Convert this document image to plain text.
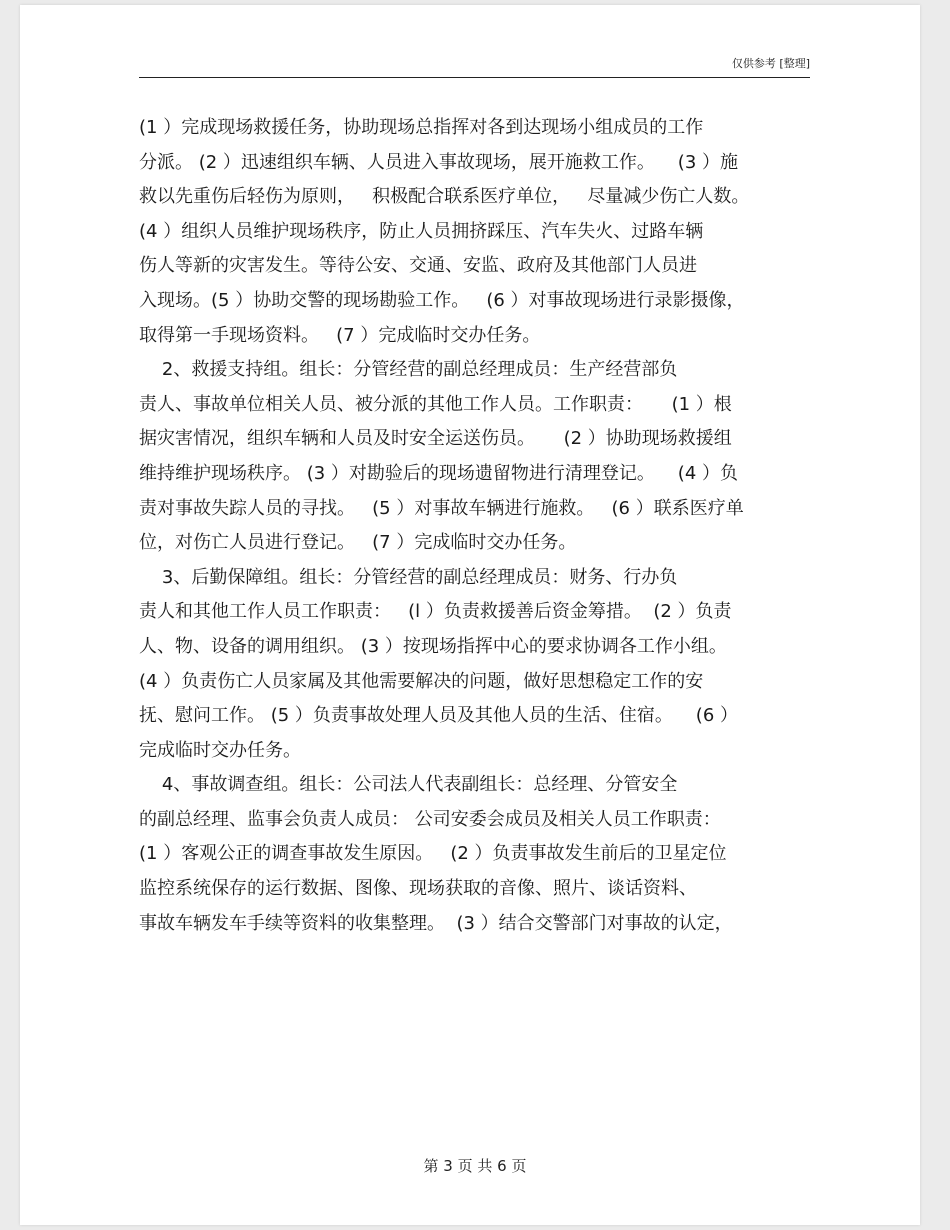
仅供参考 [整理]
(1 ）完成现场救援任务，协助现场总指挥对各到达现场小组成员的工作
分派。 (2 ）迅速组织车辆、人员进入事故现场，展开施救工作。    (3 ）施
救以先重伤后轻伤为原则，   积极配合联系医疗单位，   尽量减少伤亡人数。
(4 ）组织人员维护现场秩序，防止人员拥挤踩压、汽车失火、过路车辆
伤人等新的灾害发生。等待公安、交通、安监、政府及其他部门人员进
入现场。(5 ）协助交警的现场勘验工作。   (6 ）对事故现场进行录影摄像，
取得第一手现场资料。   (7 ）完成临时交办任务。
2、救援支持组。组长：分管经营的副总经理成员：生产经营部负
责人、事故单位相关人员、被分派的其他工作人员。工作职责：     (1 ）根
据灾害情况，组织车辆和人员及时安全运送伤员。     (2 ）协助现场救援组
维持维护现场秩序。 (3 ）对勘验后的现场遗留物进行清理登记。    (4 ）负
责对事故失踪人员的寻找。   (5 ）对事故车辆进行施救。   (6 ）联系医疗单
位，对伤亡人员进行登记。   (7 ）完成临时交办任务。
3、后勤保障组。组长：分管经营的副总经理成员：财务、行办负
责人和其他工作人员工作职责：   (l ）负责救援善后资金筹措。  (2 ）负责
人、物、设备的调用组织。 (3 ）按现场指挥中心的要求协调各工作小组。
(4 ）负责伤亡人员家属及其他需要解决的问题，做好思想稳定工作的安
抚、慰问工作。 (5 ）负责事故处理人员及其他人员的生活、住宿。    (6 ）
完成临时交办任务。
4、事故调查组。组长：公司法人代表副组长：总经理、分管安全
的副总经理、监事会负责人成员： 公司安委会成员及相关人员工作职责：
(1 ）客观公正的调查事故发生原因。   (2 ）负责事故发生前后的卫星定位
监控系统保存的运行数据、图像、现场获取的音像、照片、谈话资料、
事故车辆发车手续等资料的收集整理。  (3 ）结合交警部门对事故的认定，
第 3 页 共 6 页
